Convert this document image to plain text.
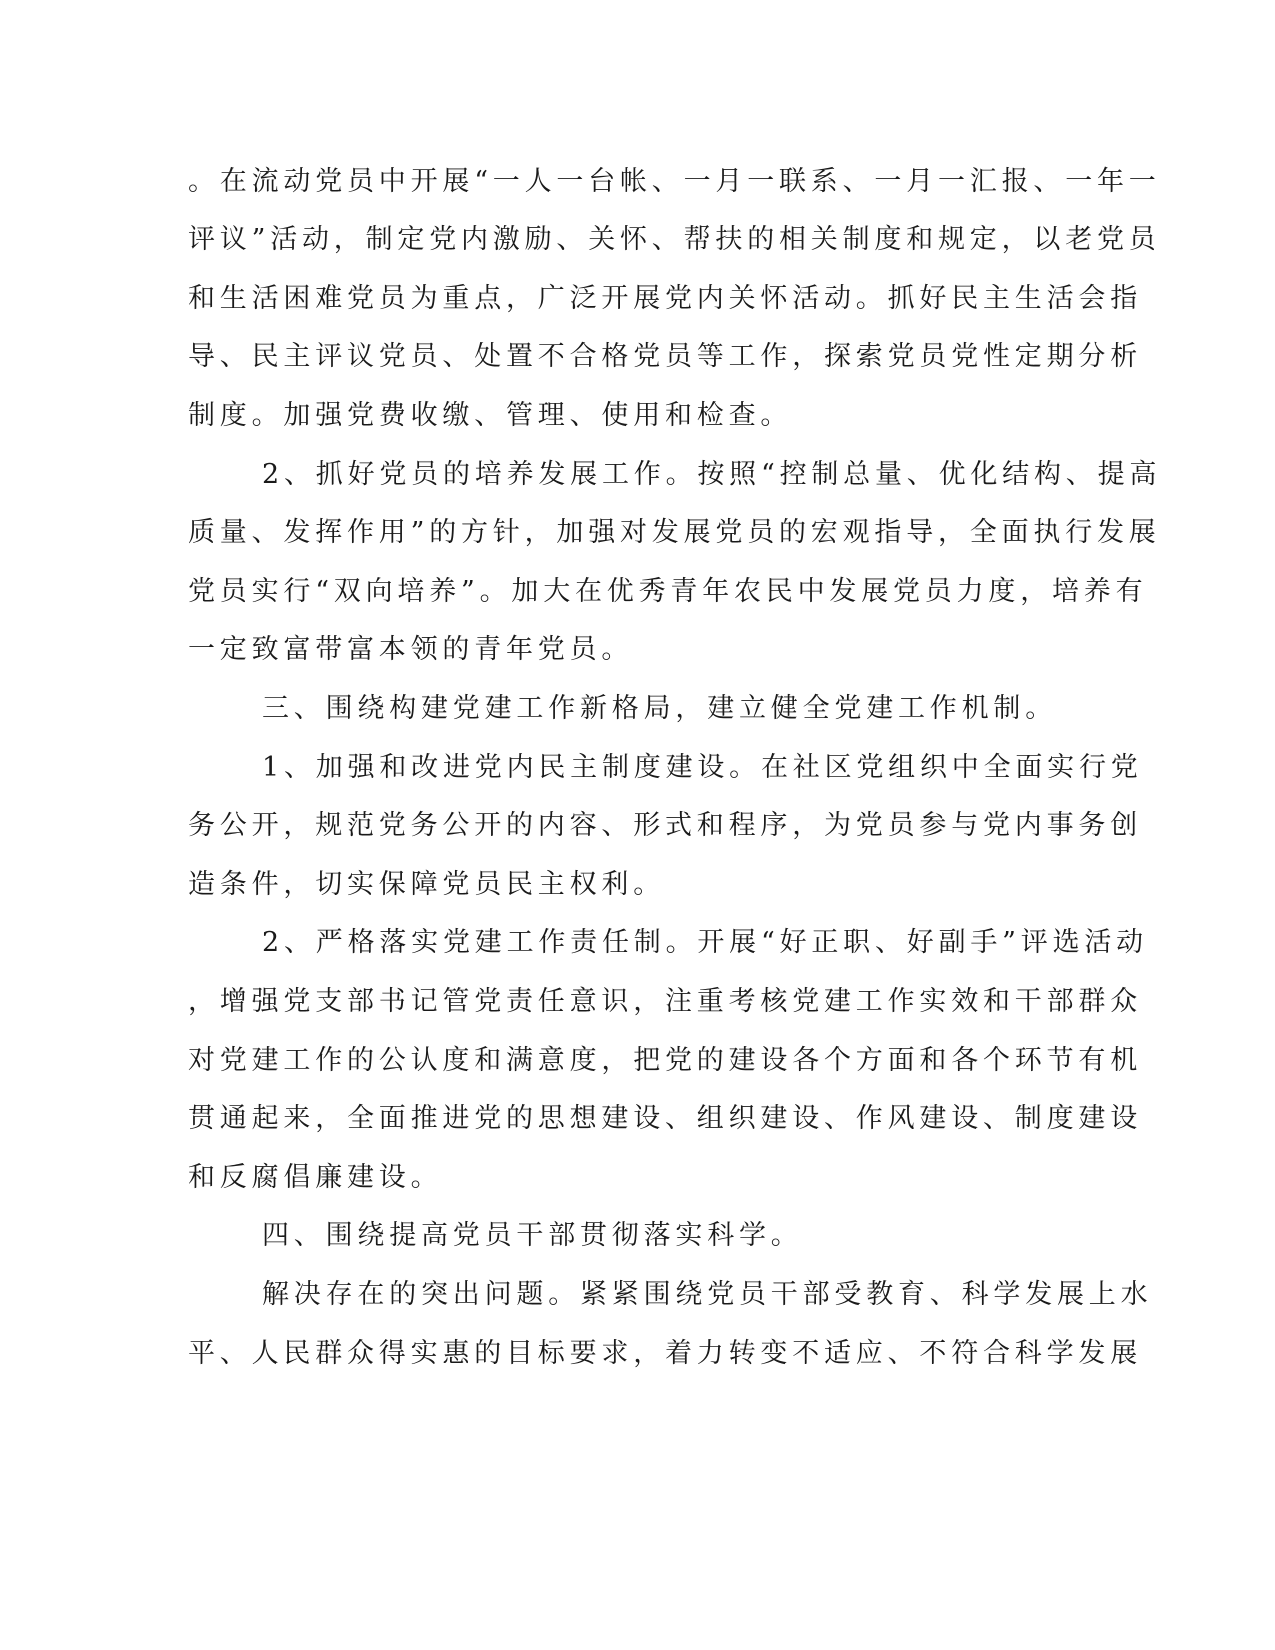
。在流动党员中开展“一人一台帐、一月一联系、一月一汇报、一年一
评议”活动，制定党内激励、关怀、帮扶的相关制度和规定，以老党员
和生活困难党员为重点，广泛开展党内关怀活动。抓好民主生活会指
导、民主评议党员、处置不合格党员等工作，探索党员党性定期分析
制度。加强党费收缴、管理、使用和检查。
2、抓好党员的培养发展工作。按照“控制总量、优化结构、提高
质量、发挥作用”的方针，加强对发展党员的宏观指导，全面执行发展
党员实行“双向培养”。加大在优秀青年农民中发展党员力度，培养有
一定致富带富本领的青年党员。
三、围绕构建党建工作新格局，建立健全党建工作机制。
1、加强和改进党内民主制度建设。在社区党组织中全面实行党
务公开，规范党务公开的内容、形式和程序，为党员参与党内事务创
造条件，切实保障党员民主权利。
2、严格落实党建工作责任制。开展“好正职、好副手”评选活动
，增强党支部书记管党责任意识，注重考核党建工作实效和干部群众
对党建工作的公认度和满意度，把党的建设各个方面和各个环节有机
贯通起来，全面推进党的思想建设、组织建设、作风建设、制度建设
和反腐倡廉建设。
四、围绕提高党员干部贯彻落实科学。
解决存在的突出问题。紧紧围绕党员干部受教育、科学发展上水
平、人民群众得实惠的目标要求，着力转变不适应、不符合科学发展
